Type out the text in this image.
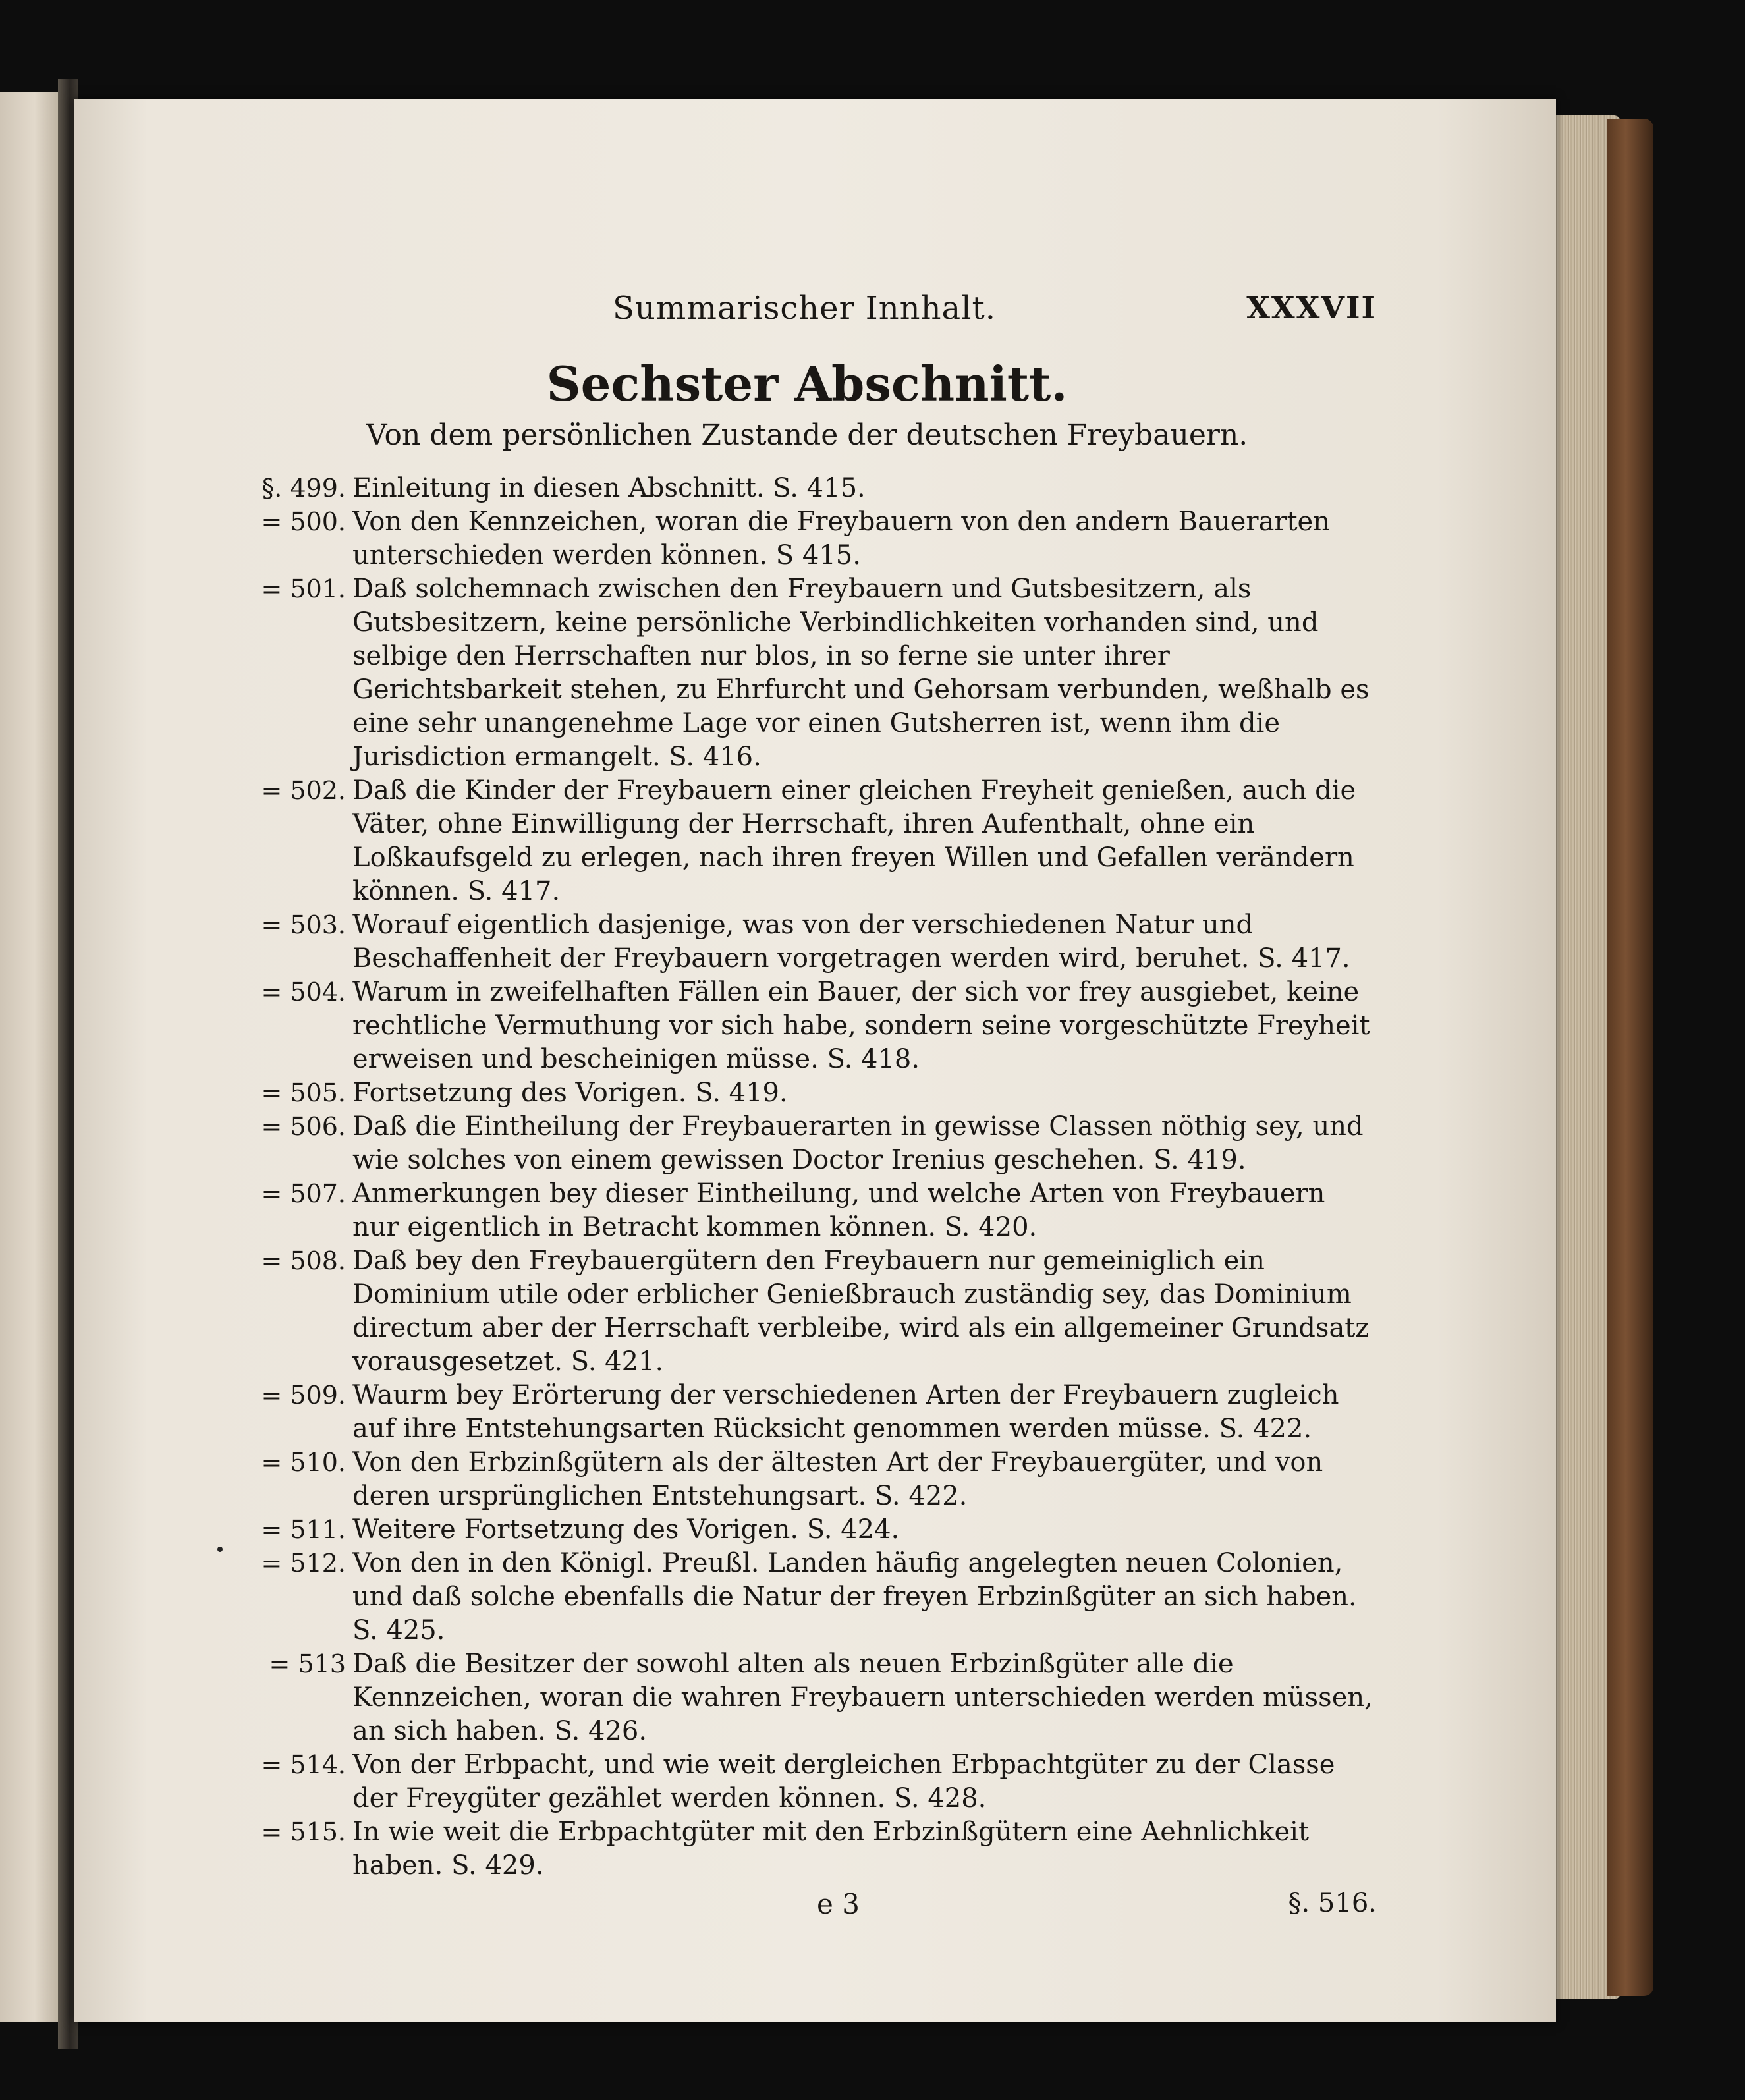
Summarischer Innhalt.	XXXVII
Sechster Abschnitt.
Von dem persönlichen Zustande der deutschen Freybauern.
§. 499. Einleitung in diesen Abschnitt. S. 415.
= 500. Von den Kennzeichen, woran die Freybauern von den andern Bauerarten unterschieden werden können. S 415.
= 501. Daß solchemnach zwischen den Freybauern und Gutsbesitzern, als Gutsbesitzern, keine persönliche Verbindlichkeiten vorhanden sind, und selbige den Herrschaften nur blos, in so ferne sie unter ihrer Gerichtsbarkeit stehen, zu Ehrfurcht und Gehorsam verbunden, weßhalb es eine sehr unangenehme Lage vor einen Gutsherren ist, wenn ihm die Jurisdiction ermangelt. S. 416.
= 502. Daß die Kinder der Freybauern einer gleichen Freyheit genießen, auch die Väter, ohne Einwilligung der Herrschaft, ihren Aufenthalt, ohne ein Loßkaufsgeld zu erlegen, nach ihren freyen Willen und Gefallen verändern können. S. 417.
= 503. Worauf eigentlich dasjenige, was von der verschiedenen Natur und Beschaffenheit der Freybauern vorgetragen werden wird, beruhet. S. 417.
= 504. Warum in zweifelhaften Fällen ein Bauer, der sich vor frey ausgiebet, keine rechtliche Vermuthung vor sich habe, sondern seine vorgeschützte Freyheit erweisen und bescheinigen müsse. S. 418.
= 505. Fortsetzung des Vorigen. S. 419.
= 506. Daß die Eintheilung der Freybauerarten in gewisse Classen nöthig sey, und wie solches von einem gewissen Doctor Irenius geschehen. S. 419.
= 507. Anmerkungen bey dieser Eintheilung, und welche Arten von Freybauern nur eigentlich in Betracht kommen können. S. 420.
= 508. Daß bey den Freybauergütern den Freybauern nur gemeiniglich ein Dominium utile oder erblicher Genießbrauch zuständig sey, das Dominium directum aber der Herrschaft verbleibe, wird als ein allgemeiner Grundsatz vorausgesetzet. S. 421.
= 509. Waurm bey Erörterung der verschiedenen Arten der Freybauern zugleich auf ihre Entstehungsarten Rücksicht genommen werden müsse. S. 422.
= 510. Von den Erbzinßgütern als der ältesten Art der Freybauergüter, und von deren ursprünglichen Entstehungsart. S. 422.
= 511. Weitere Fortsetzung des Vorigen. S. 424.
= 512. Von den in den Königl. Preußl. Landen häufig angelegten neuen Colonien, und daß solche ebenfalls die Natur der freyen Erbzinßgüter an sich haben. S. 425.
= 513 Daß die Besitzer der sowohl alten als neuen Erbzinßgüter alle die Kennzeichen, woran die wahren Freybauern unterschieden werden müssen, an sich haben. S. 426.
= 514. Von der Erbpacht, und wie weit dergleichen Erbpachtgüter zu der Classe der Freygüter gezählet werden können. S. 428.
= 515. In wie weit die Erbpachtgüter mit den Erbzinßgütern eine Aehnlichkeit haben. S. 429.
e 3	§. 516.
